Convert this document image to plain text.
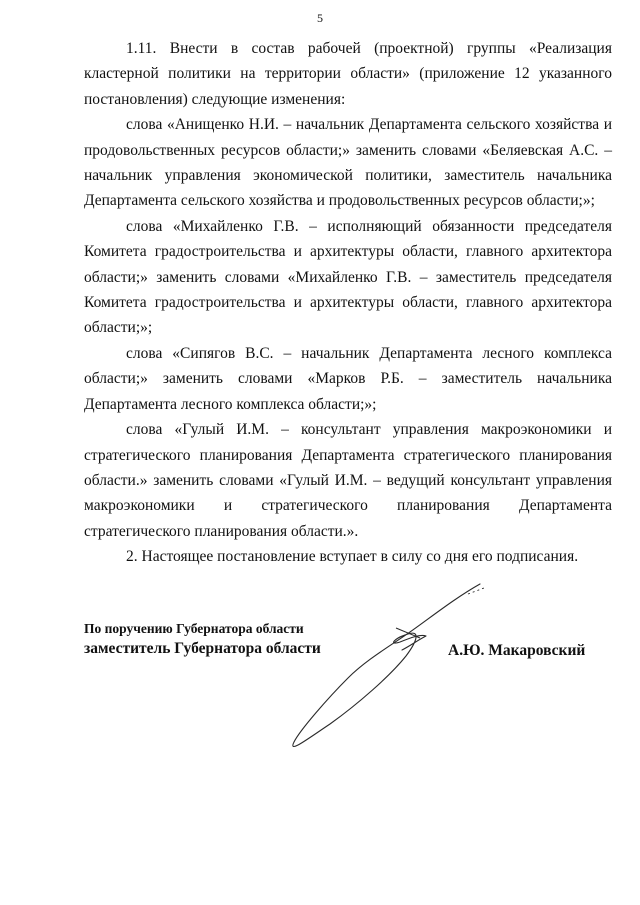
5

1.11. Внести в состав рабочей (проектной) группы «Реализация кластерной политики на территории области» (приложение 12 указанного постановления) следующие изменения:

слова «Анищенко Н.И. – начальник Департамента сельского хозяйства и продовольственных ресурсов области;» заменить словами «Беляевская А.С. – начальник управления экономической политики, заместитель начальника Департамента сельского хозяйства и продовольственных ресурсов области;»;

слова «Михайленко Г.В. – исполняющий обязанности председателя Комитета градостроительства и архитектуры области, главного архитектора области;» заменить словами «Михайленко Г.В. – заместитель председателя Комитета градостроительства и архитектуры области, главного архитектора области;»;

слова «Сипягов В.С. – начальник Департамента лесного комплекса области;» заменить словами «Марков Р.Б. – заместитель начальника Департамента лесного комплекса области;»;

слова «Гулый И.М. – консультант управления макроэкономики и стратегического планирования Департамента стратегического планирования области.» заменить словами «Гулый И.М. – ведущий консультант управления макроэкономики и стратегического планирования Департамента стратегического планирования области.».

2. Настоящее постановление вступает в силу со дня его подписания.

По поручению Губернатора области
заместитель Губернатора области	А.Ю. Макаровский
